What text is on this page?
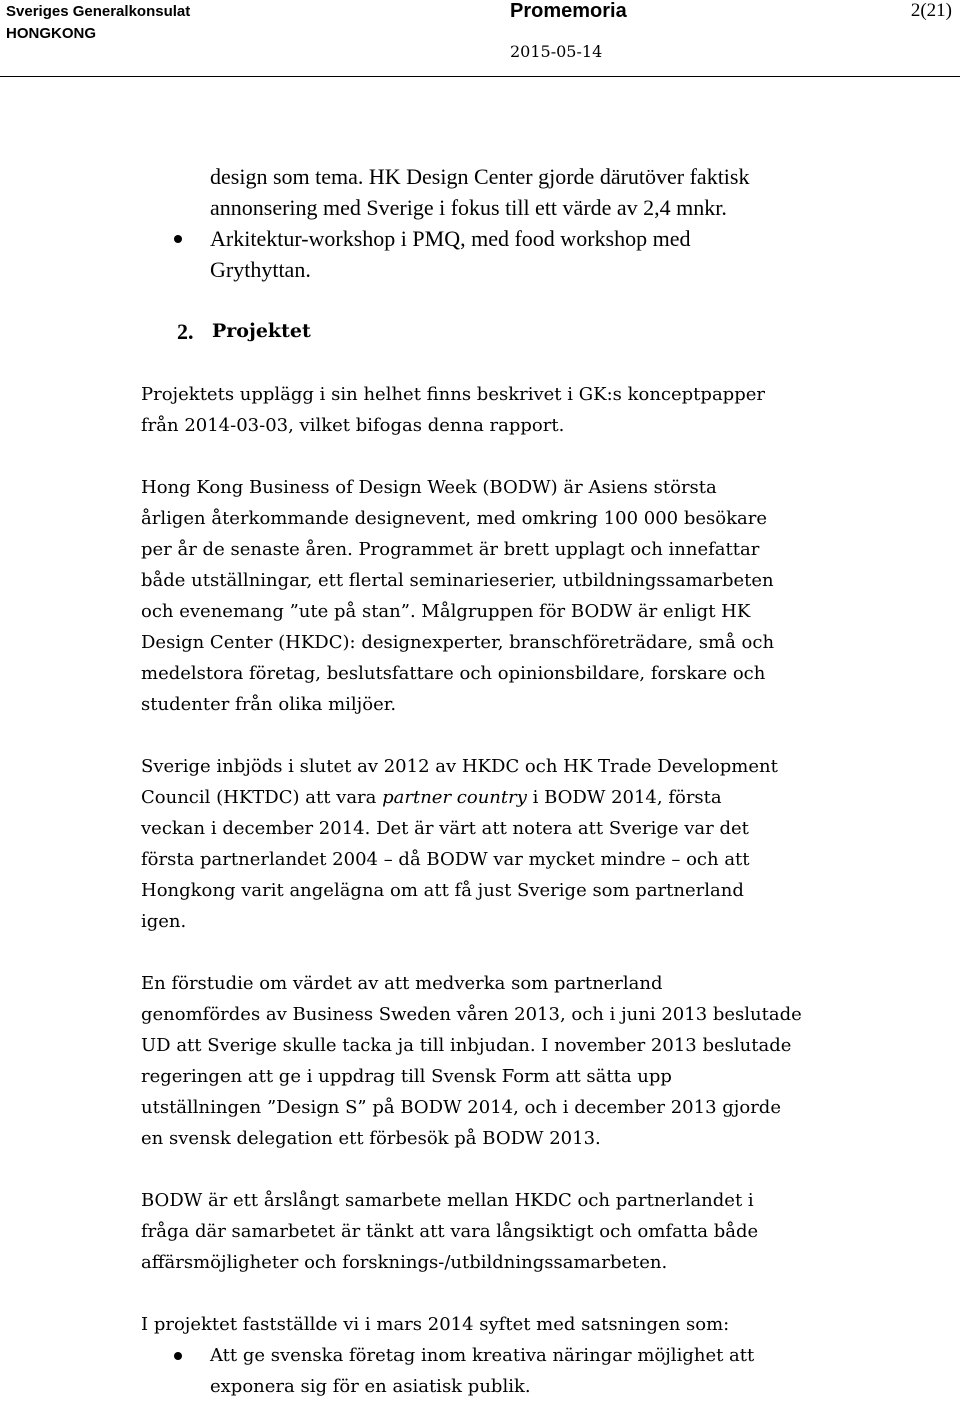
Sveriges Generalkonsulat
HONGKONG
Promemoria
2015-05-14
2(21)

design som tema. HK Design Center gjorde därutöver faktisk

annonsering med Sverige i fokus till ett värde av 2,4 mnkr.

Arkitektur-workshop i PMQ, med food workshop med

Grythyttan.

2. Projektet

Projektets upplägg i sin helhet finns beskrivet i GK:s konceptpapper

från 2014-03-03, vilket bifogas denna rapport.

Hong Kong Business of Design Week (BODW) är Asiens största

årligen återkommande designevent, med omkring 100 000 besökare

per år de senaste åren. Programmet är brett upplagt och innefattar

både utställningar, ett flertal seminarieserier, utbildningssamarbeten

och evenemang ”ute på stan”. Målgruppen för BODW är enligt HK

Design Center (HKDC): designexperter, branschföreträdare, små och

medelstora företag, beslutsfattare och opinionsbildare, forskare och

studenter från olika miljöer.

Sverige inbjöds i slutet av 2012 av HKDC och HK Trade Development

Council (HKTDC) att vara partner country i BODW 2014, första

veckan i december 2014. Det är värt att notera att Sverige var det

första partnerlandet 2004 – då BODW var mycket mindre – och att

Hongkong varit angelägna om att få just Sverige som partnerland

igen.

En förstudie om värdet av att medverka som partnerland

genomfördes av Business Sweden våren 2013, och i juni 2013 beslutade

UD att Sverige skulle tacka ja till inbjudan. I november 2013 beslutade

regeringen att ge i uppdrag till Svensk Form att sätta upp

utställningen ”Design S” på BODW 2014, och i december 2013 gjorde

en svensk delegation ett förbesök på BODW 2013.

BODW är ett årslångt samarbete mellan HKDC och partnerlandet i

fråga där samarbetet är tänkt att vara långsiktigt och omfatta både

affärsmöjligheter och forsknings-/utbildningssamarbeten.

I projektet fastställde vi i mars 2014 syftet med satsningen som:

Att ge svenska företag inom kreativa näringar möjlighet att

exponera sig för en asiatisk publik.
